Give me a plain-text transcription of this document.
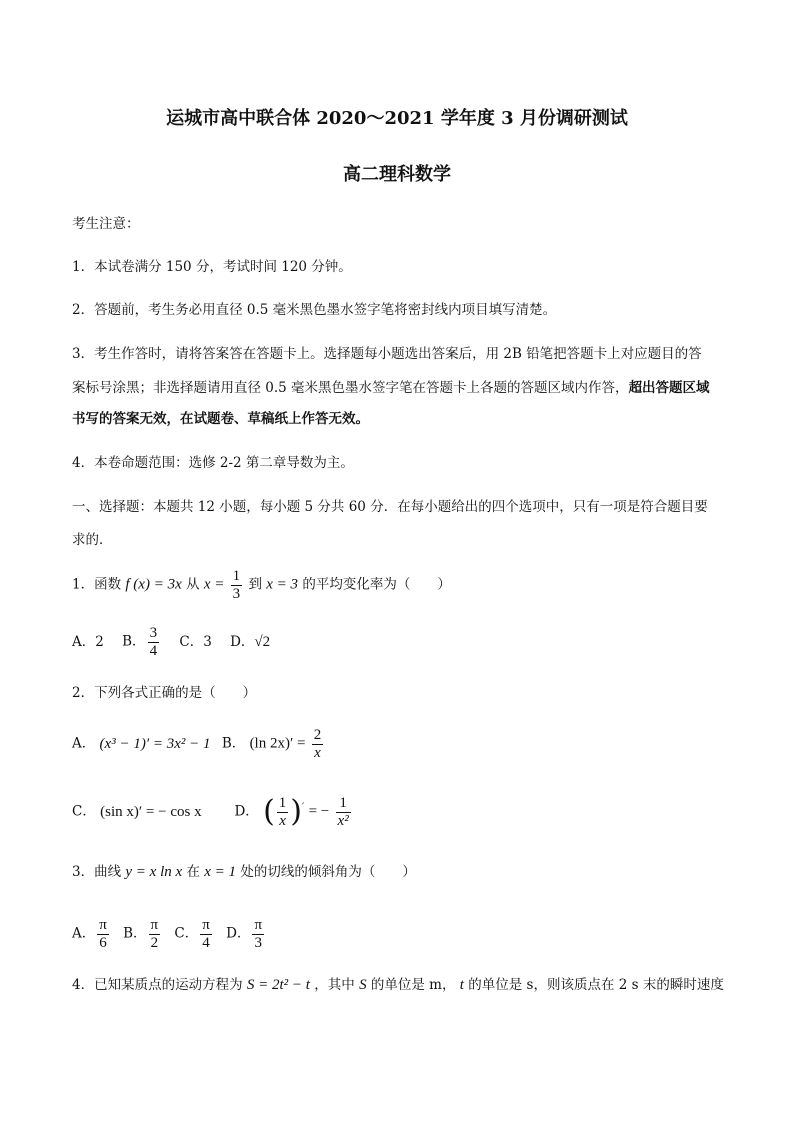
运城市高中联合体 2020～2021 学年度 3 月份调研测试
高二理科数学
考生注意：
1．本试卷满分 150 分，考试时间 120 分钟。
2．答题前，考生务必用直径 0.5 毫米黑色墨水签字笔将密封线内项目填写清楚。
3．考生作答时，请将答案答在答题卡上。选择题每小题选出答案后，用 2B 铅笔把答题卡上对应题目的答
案标号涂黑；非选择题请用直径 0.5 毫米黑色墨水签字笔在答题卡上各题的答题区域内作答，超出答题区域
书写的答案无效，在试题卷、草稿纸上作答无效。
4．本卷命题范围：选修 2-2 第二章导数为主。
一、选择题：本题共 12 小题，每小题 5 分共 60 分．在每小题给出的四个选项中，只有一项是符合题目要
求的．
1．函数 f (x) = 3x 从 $x = \frac{1}{3}$ 到 x = 3 的平均变化率为（　　）
A．2 B． $\frac{3}{4}$ C．3 D．√2
2．下列各式正确的是（　　）
A． (x³ − 1)′ = 3x² − 1 B． (ln $2x)' = \frac{2}{x}$
C． (sin x)′ = − cos x D． ( $\frac{1}{x} )'$ = − $\frac{1}{\text{x²}}$
3．曲线 y = x ln x 在 x = 1 处的切线的倾斜角为（　　）
A． $\frac{\pi}{6}$ B． $\frac{\pi}{2}$ C． $\frac{\pi}{4}$ D． $\frac{\pi}{3}$
4．已知某质点的运动方程为 S = 2t² − t ，其中 S 的单位是 m， t 的单位是 s，则该质点在 2 s 末的瞬时速度
